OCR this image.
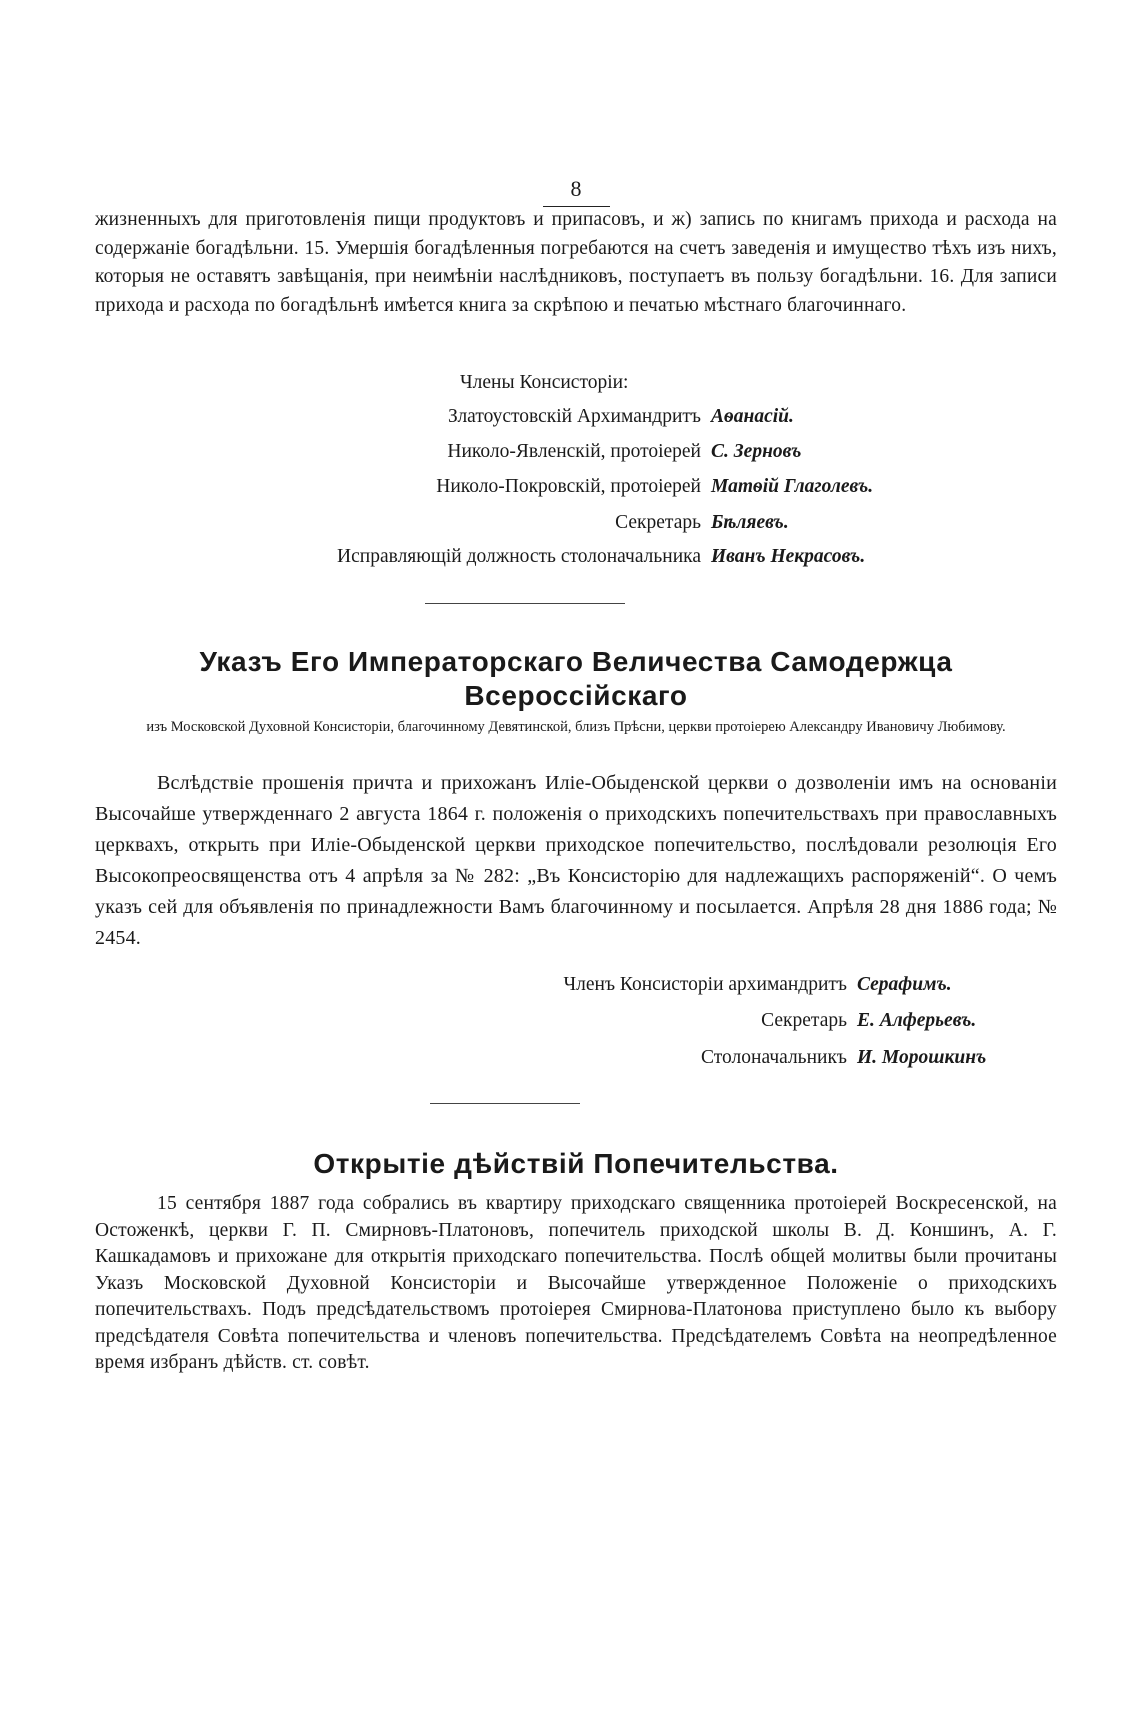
8

жизненныхъ для приготовленія пищи продуктовъ и припасовъ, и ж) запись по книгамъ прихода и расхода на содержаніе богадѣльни. 15. Умершія богадѣленныя погребаются на счетъ заведенія и имущество тѣхъ изъ нихъ, которыя не оставятъ завѣщанія, при неимѣніи наслѣдниковъ, поступаетъ въ пользу богадѣльни. 16. Для записи прихода и расхода по богадѣльнѣ имѣется книга за скрѣпою и печатью мѣстнаго благочиннаго.

Члены Консисторіи:
Златоустовскій Архимандритъ Аѳанасій.
Николо-Явленскій, протоіерей С. Зерновъ
Николо-Покровскій, протоіерей Матѳій Глаголевъ.
Секретарь Бѣляевъ.
Исправляющій должность столоначальника Иванъ Некрасовъ.
Указъ Его Императорскаго Величества Самодержца Всероссійскаго

изъ Московской Духовной Консисторіи, благочинному Девятинской, близъ Прѣсни, церкви протоіерею Александру Ивановичу Любимову.

Вслѣдствіе прошенія причта и прихожанъ Иліе-Обыденской церкви о дозволеніи имъ на основаніи Высочайше утвержденнаго 2 августа 1864 г. положенія о приходскихъ попечительствахъ при православныхъ церквахъ, открыть при Иліе-Обыденской церкви приходское попечительство, послѣдовали резолюція Его Высокопреосвященства отъ 4 апрѣля за № 282: „Въ Консисторію для надлежащихъ распоряженій“. О чемъ указъ сей для объявленія по принадлежности Вамъ благочинному и посылается. Апрѣля 28 дня 1886 года; № 2454.

Членъ Консисторіи архимандритъ Серафимъ.
Секретарь Е. Алферьевъ.
Столоначальникъ И. Морошкинъ
Открытіе дѣйствій Попечительства.

15 сентября 1887 года собрались въ квартиру приходскаго священника протоіерей Воскресенской, на Остоженкѣ, церкви Г. П. Смирновъ-Платоновъ, попечитель приходской школы В. Д. Коншинъ, А. Г. Кашкадамовъ и прихожане для открытія приходскаго попечительства. Послѣ общей молитвы были прочитаны Указъ Московской Духовной Консисторіи и Высочайше утвержденное Положеніе о приходскихъ попечительствахъ. Подъ предсѣдательствомъ протоіерея Смирнова-Платонова приступлено было къ выбору предсѣдателя Совѣта попечительства и членовъ попечительства. Предсѣдателемъ Совѣта на неопредѣленное время избранъ дѣйств. ст. совѣт.
